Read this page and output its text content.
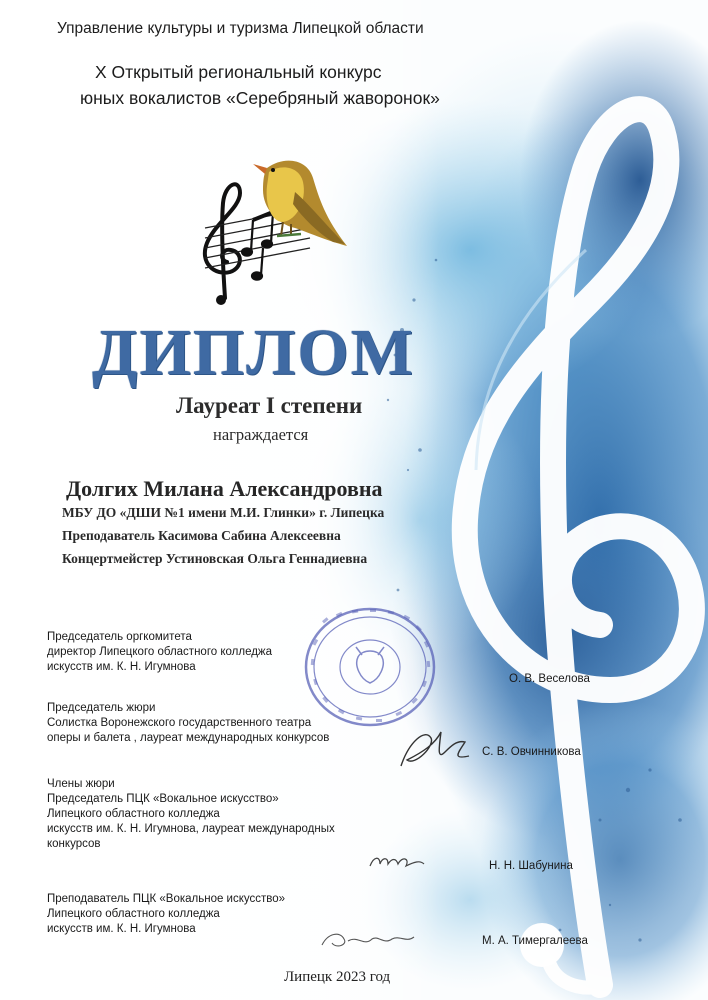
Управление культуры и туризма Липецкой области
X Открытый региональный конкурс
юных вокалистов «Серебряный жаворонок»
ДИПЛОМ
Лауреат I степени
награждается
Долгих Милана Александровна
МБУ ДО «ДШИ №1 имени М.И. Глинки» г. Липецка
Преподаватель Касимова Сабина Алексеевна
Концертмейстер Устиновская Ольга Геннадиевна
Председатель оргкомитета
директор Липецкого областного колледжа
искусств им. К. Н. Игумнова
О. В. Веселова
Председатель жюри
Солистка Воронежского государственного театра
оперы и балета , лауреат международных конкурсов
С. В. Овчинникова
Члены жюри
Председатель ПЦК «Вокальное искусство»
Липецкого областного колледжа
искусств им. К. Н. Игумнова, лауреат международных
конкурсов
Н. Н. Шабунина
Преподаватель ПЦК «Вокальное искусство»
Липецкого областного колледжа
искусств им. К. Н. Игумнова
М. А. Тимергалеева
Липецк 2023 год
